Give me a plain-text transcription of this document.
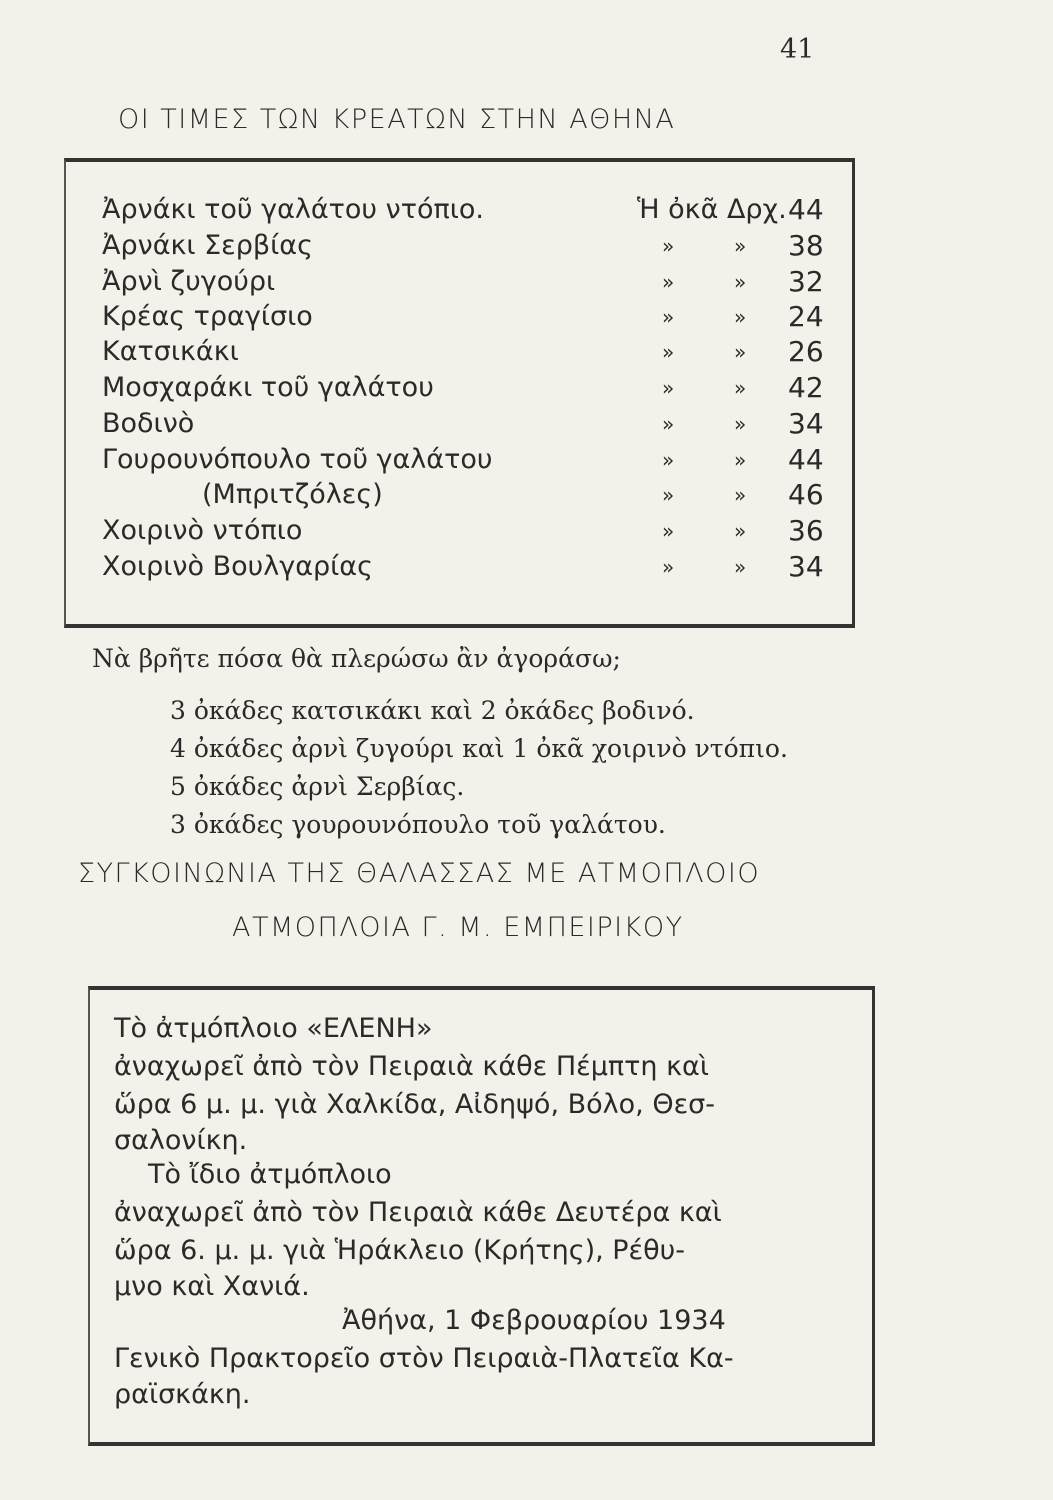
41
ΟΙ ΤΙΜΕΣ ΤΩΝ ΚΡΕΑΤΩΝ ΣΤΗΝ ΑΘΗΝΑ
Ἀρνάκι τοῦ γαλάτου ντόπιο.	Ἡ ὀκᾶ Δρχ. 44
Ἀρνάκι Σερβίας	»	» 38
Ἀρνὶ ζυγούρι	»	» 32
Κρέας τραγίσιο	»	» 24
Κατσικάκι	»	» 26
Μοσχαράκι τοῦ γαλάτου	»	» 42
Βοδινὸ	»	» 34
Γουρουνόπουλο τοῦ γαλάτου	»	» 44
(Μπριτζόλες)	»	» 46
Χοιρινὸ ντόπιο	»	» 36
Χοιρινὸ Βουλγαρίας	»	» 34
Νὰ βρῆτε πόσα θὰ πλερώσω ἂν ἀγοράσω;
3 ὀκάδες κατσικάκι καὶ 2 ὀκάδες βοδινό.
4 ὀκάδες ἀρνὶ ζυγούρι καὶ 1 ὀκᾶ χοιρινὸ ντόπιο.
5 ὀκάδες ἀρνὶ Σερβίας.
3 ὀκάδες γουρουνόπουλο τοῦ γαλάτου.
ΣΥΓΚΟΙΝΩΝΙΑ ΤΗΣ ΘΑΛΑΣΣΑΣ ΜΕ ΑΤΜΟΠΛΟΙΟ
ΑΤΜΟΠΛΟΙΑ Γ. Μ. ΕΜΠΕΙΡΙΚΟΥ
Τὸ ἀτμόπλοιο «ΕΛΕΝΗ»
ἀναχωρεῖ ἀπὸ τὸν Πειραιὰ κάθε Πέμπτη καὶ
ὥρα 6 μ. μ. γιὰ Χαλκίδα, Αἰδηψό, Βόλο, Θεσ-
σαλονίκη.
Τὸ ἴδιο ἀτμόπλοιο
ἀναχωρεῖ ἀπὸ τὸν Πειραιὰ κάθε Δευτέρα καὶ
ὥρα 6. μ. μ. γιὰ Ἡράκλειο (Κρήτης), Ρέθυ-
μνο καὶ Χανιά.
Ἀθήνα, 1 Φεβρουαρίου 1934
Γενικὸ Πρακτορεῖο στὸν Πειραιὰ-Πλατεῖα Κα-
ραϊσκάκη.
